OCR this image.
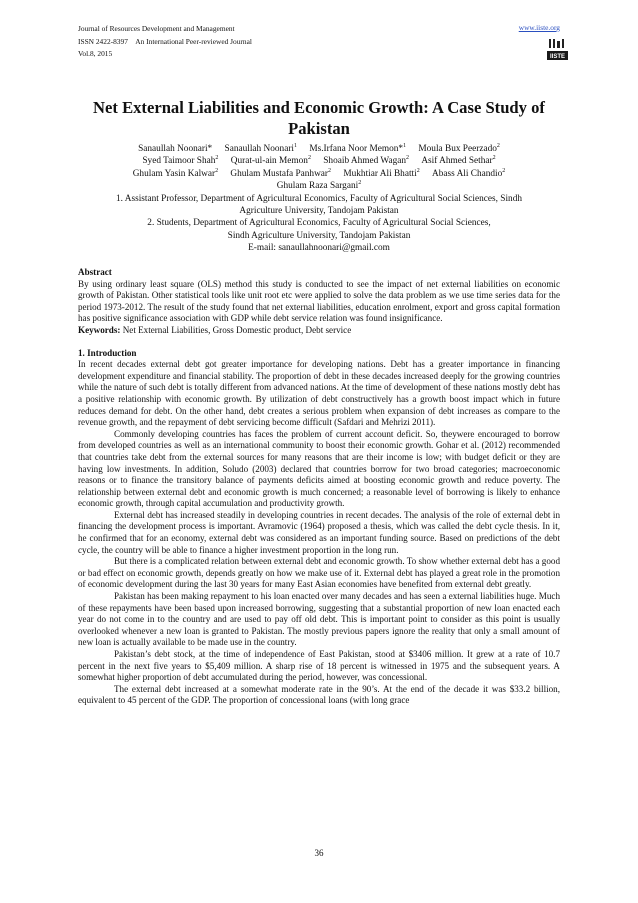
Journal of Resources Development and Management
ISSN 2422-8397 An International Peer-reviewed Journal
Vol.8, 2015
www.iiste.org
IISTE
Net External Liabilities and Economic Growth: A Case Study of
Pakistan
Sanaullah Noonari* Sanaullah Noonari$^1$ Ms.Irfana Noor Memon*$^1$ Moula Bux Peerzado$^2$
Syed Taimoor Shah$^2$ Qurat-ul-ain Memon$^2$ Shoaib Ahmed Wagan$^2$ Asif Ahmed Sethar$^2$
Ghulam Yasin Kalwar$^2$ Ghulam Mustafa Panhwar$^2$ Mukhtiar Ali Bhatti$^2$ Abass Ali Chandio$^2$
Ghulam Raza Sargani$^2$
1. Assistant Professor, Department of Agricultural Economics, Faculty of Agricultural Social Sciences, Sindh
Agriculture University, Tandojam Pakistan
2. Students, Department of Agricultural Economics, Faculty of Agricultural Social Sciences,
Sindh Agriculture University, Tandojam Pakistan
E-mail: sanaullahnoonari@gmail.com

Abstract

By using ordinary least square (OLS) method this study is conducted to see the impact of net external liabilities on economic growth of Pakistan. Other statistical tools like unit root etc were applied to solve the data problem as we use time series data for the period 1973-2012. The result of the study found that net external liabilities, education enrolment, export and gross capital formation has positive significance association with GDP while debt service relation was found insignificance.

Keywords: Net External Liabilities, Gross Domestic product, Debt service

1. Introduction

In recent decades external debt got greater importance for developing nations. Debt has a greater importance in financing development expenditure and financial stability. The proportion of debt in these decades increased deeply for the growing countries while the nature of such debt is totally different from advanced nations. At the time of development of these nations mostly debt has a positive relationship with economic growth. By utilization of debt constructively has a growth boost impact which in future reduces demand for debt. On the other hand, debt creates a serious problem when expansion of debt increases as compare to the revenue growth, and the repayment of debt servicing become difficult (Safdari and Mehrizi 2011).

Commonly developing countries has faces the problem of current account deficit. So, theywere encouraged to borrow from developed countries as well as an international community to boost their economic growth. Gohar et al. (2012) recommended that countries take debt from the external sources for many reasons that are their income is low; with budget deficit or they are having low investments. In addition, Soludo (2003) declared that countries borrow for two broad categories; macroeconomic reasons or to finance the transitory balance of payments deficits aimed at boosting economic growth and reduce poverty. The relationship between external debt and economic growth is much concerned; a reasonable level of borrowing is likely to enhance economic growth, through capital accumulation and productivity growth.

External debt has increased steadily in developing countries in recent decades. The analysis of the role of external debt in financing the development process is important. Avramovic (1964) proposed a thesis, which was called the debt cycle thesis. In it, he confirmed that for an economy, external debt was considered as an important funding source. Based on predictions of the debt cycle, the country will be able to finance a higher investment proportion in the long run.

But there is a complicated relation between external debt and economic growth. To show whether external debt has a good or bad effect on economic growth, depends greatly on how we make use of it. External debt has played a great role in the promotion of economic development during the last 30 years for many East Asian economies have benefited from external debt greatly.

Pakistan has been making repayment to his loan enacted over many decades and has seen a external liabilities huge. Much of these repayments have been based upon increased borrowing, suggesting that a substantial proportion of new loan enacted each year do not come in to the country and are used to pay off old debt. This is important point to consider as this point is usually overlooked whenever a new loan is granted to Pakistan. The mostly previous papers ignore the reality that only a small amount of new loan is actually available to be made use in the country.

Pakistan’s debt stock, at the time of independence of East Pakistan, stood at $3406 million. It grew at a rate of 10.7 percent in the next five years to $5,409 million. A sharp rise of 18 percent is witnessed in 1975 and the subsequent years. A somewhat higher proportion of debt accumulated during the period, however, was concessional.

The external debt increased at a somewhat moderate rate in the 90’s. At the end of the decade it was $33.2 billion, equivalent to 45 percent of the GDP. The proportion of concessional loans (with long grace

36
